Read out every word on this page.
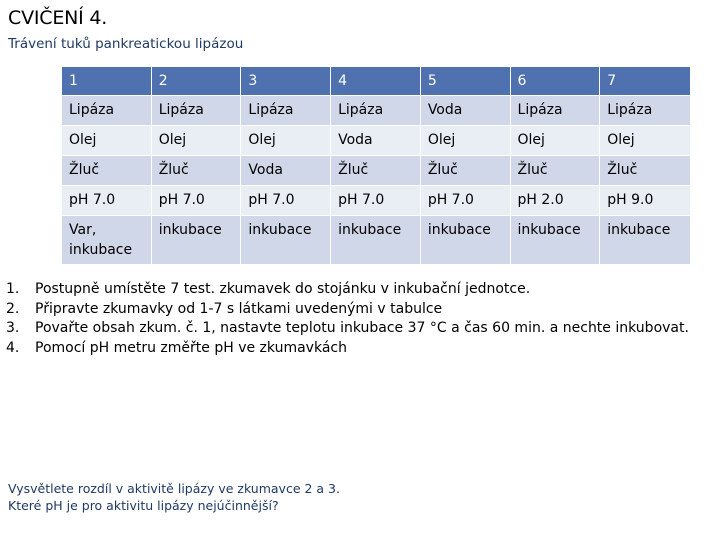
CVIČENÍ 4.
Trávení tuků pankreatickou lipázou
1	2	3	4	5	6	7
Lipáza	Lipáza	Lipáza	Lipáza	Voda	Lipáza	Lipáza
Olej	Olej	Olej	Voda	Olej	Olej	Olej
Žluč	Žluč	Voda	Žluč	Žluč	Žluč	Žluč
pH 7.0	pH 7.0	pH 7.0	pH 7.0	pH 7.0	pH 2.0	pH 9.0
Var, inkubace	inkubace	inkubace	inkubace	inkubace	inkubace	inkubace
1. Postupně umístěte 7 test. zkumavek do stojánku v inkubační jednotce.
2. Připravte zkumavky od 1-7 s látkami uvedenými v tabulce
3. Povařte obsah zkum. č. 1, nastavte teplotu inkubace 37 °C a čas 60 min. a nechte inkubovat.
4. Pomocí pH metru změřte pH ve zkumavkách
Vysvětlete rozdíl v aktivitě lipázy ve zkumavce 2 a 3.
Které pH je pro aktivitu lipázy nejúčinnější?
